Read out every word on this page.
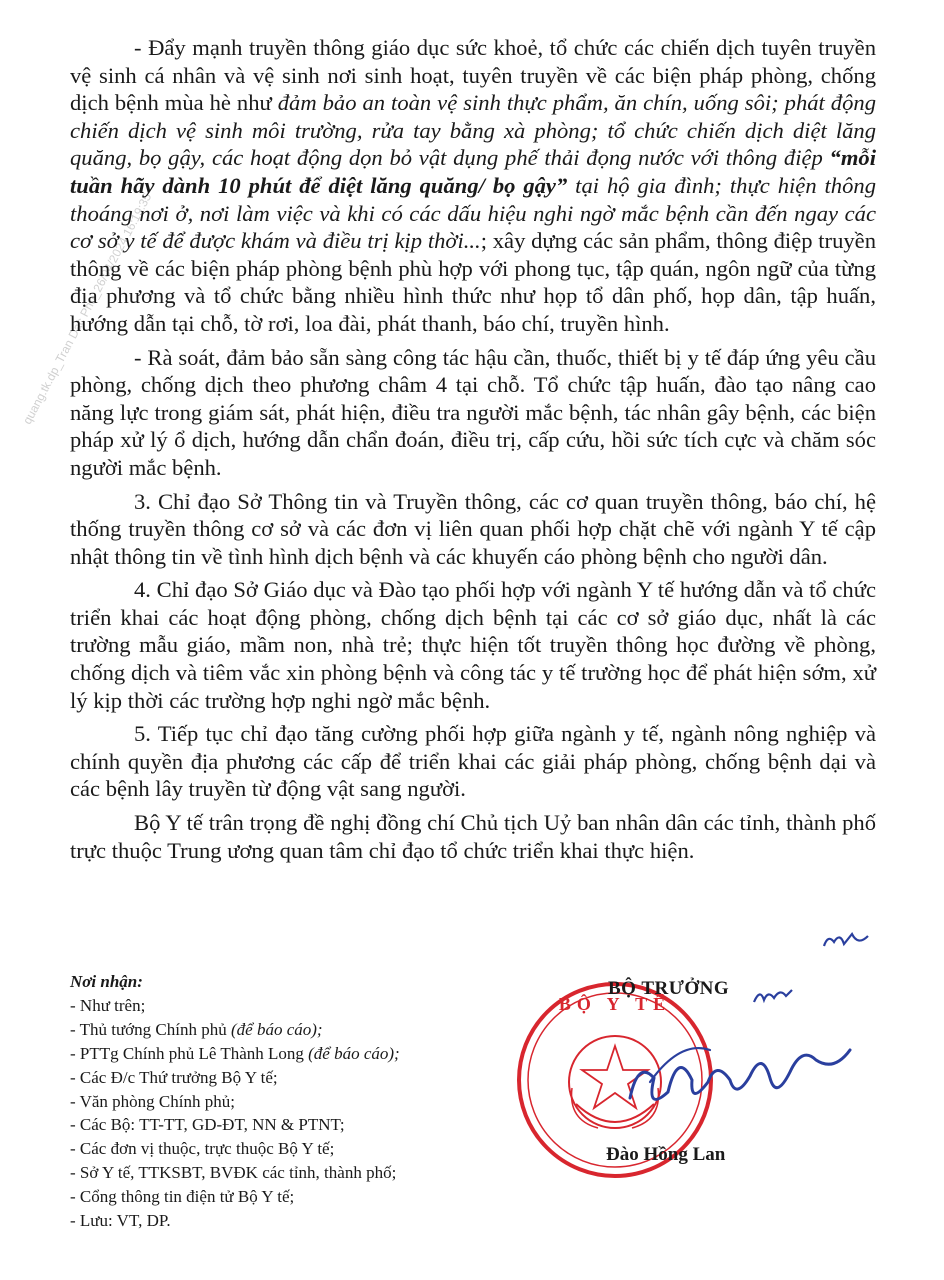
quang.tk.dp_Tran Dac Phu_26/04/2024 16:19:35

- Đẩy mạnh truyền thông giáo dục sức khoẻ, tổ chức các chiến dịch tuyên truyền vệ sinh cá nhân và vệ sinh nơi sinh hoạt, tuyên truyền về các biện pháp phòng, chống dịch bệnh mùa hè như đảm bảo an toàn vệ sinh thực phẩm, ăn chín, uống sôi; phát động chiến dịch vệ sinh môi trường, rửa tay bằng xà phòng; tổ chức chiến dịch diệt lăng quăng, bọ gậy, các hoạt động dọn bỏ vật dụng phế thải đọng nước với thông điệp “mỗi tuần hãy dành 10 phút để diệt lăng quăng/ bọ gậy” tại hộ gia đình; thực hiện thông thoáng nơi ở, nơi làm việc và khi có các dấu hiệu nghi ngờ mắc bệnh cần đến ngay các cơ sở y tế để được khám và điều trị kịp thời...; xây dựng các sản phẩm, thông điệp truyền thông về các biện pháp phòng bệnh phù hợp với phong tục, tập quán, ngôn ngữ của từng địa phương và tổ chức bằng nhiều hình thức như họp tổ dân phố, họp dân, tập huấn, hướng dẫn tại chỗ, tờ rơi, loa đài, phát thanh, báo chí, truyền hình.

- Rà soát, đảm bảo sẵn sàng công tác hậu cần, thuốc, thiết bị y tế đáp ứng yêu cầu phòng, chống dịch theo phương châm 4 tại chỗ. Tổ chức tập huấn, đào tạo nâng cao năng lực trong giám sát, phát hiện, điều tra người mắc bệnh, tác nhân gây bệnh, các biện pháp xử lý ổ dịch, hướng dẫn chẩn đoán, điều trị, cấp cứu, hồi sức tích cực và chăm sóc người mắc bệnh.

3. Chỉ đạo Sở Thông tin và Truyền thông, các cơ quan truyền thông, báo chí, hệ thống truyền thông cơ sở và các đơn vị liên quan phối hợp chặt chẽ với ngành Y tế cập nhật thông tin về tình hình dịch bệnh và các khuyến cáo phòng bệnh cho người dân.

4. Chỉ đạo Sở Giáo dục và Đào tạo phối hợp với ngành Y tế hướng dẫn và tổ chức triển khai các hoạt động phòng, chống dịch bệnh tại các cơ sở giáo dục, nhất là các trường mẫu giáo, mầm non, nhà trẻ; thực hiện tốt truyền thông học đường về phòng, chống dịch và tiêm vắc xin phòng bệnh và công tác y tế trường học để phát hiện sớm, xử lý kịp thời các trường hợp nghi ngờ mắc bệnh.

5. Tiếp tục chỉ đạo tăng cường phối hợp giữa ngành y tế, ngành nông nghiệp và chính quyền địa phương các cấp để triển khai các giải pháp phòng, chống bệnh dại và các bệnh lây truyền từ động vật sang người.

Bộ Y tế trân trọng đề nghị đồng chí Chủ tịch Uỷ ban nhân dân các tỉnh, thành phố trực thuộc Trung ương quan tâm chỉ đạo tổ chức triển khai thực hiện.

Nơi nhận:
- Như trên;
- Thủ tướng Chính phủ (để báo cáo);
- PTTg Chính phủ Lê Thành Long (để báo cáo);
- Các Đ/c Thứ trưởng Bộ Y tế;
- Văn phòng Chính phủ;
- Các Bộ: TT-TT, GD-ĐT, NN & PTNT;
- Các đơn vị thuộc, trực thuộc Bộ Y tế;
- Sở Y tế, TTKSBT, BVĐK các tỉnh, thành phố;
- Cổng thông tin điện tử Bộ Y tế;
- Lưu: VT, DP.
BỘ Y TẾ
BỘ TRƯỞNG
Đào Hồng Lan
